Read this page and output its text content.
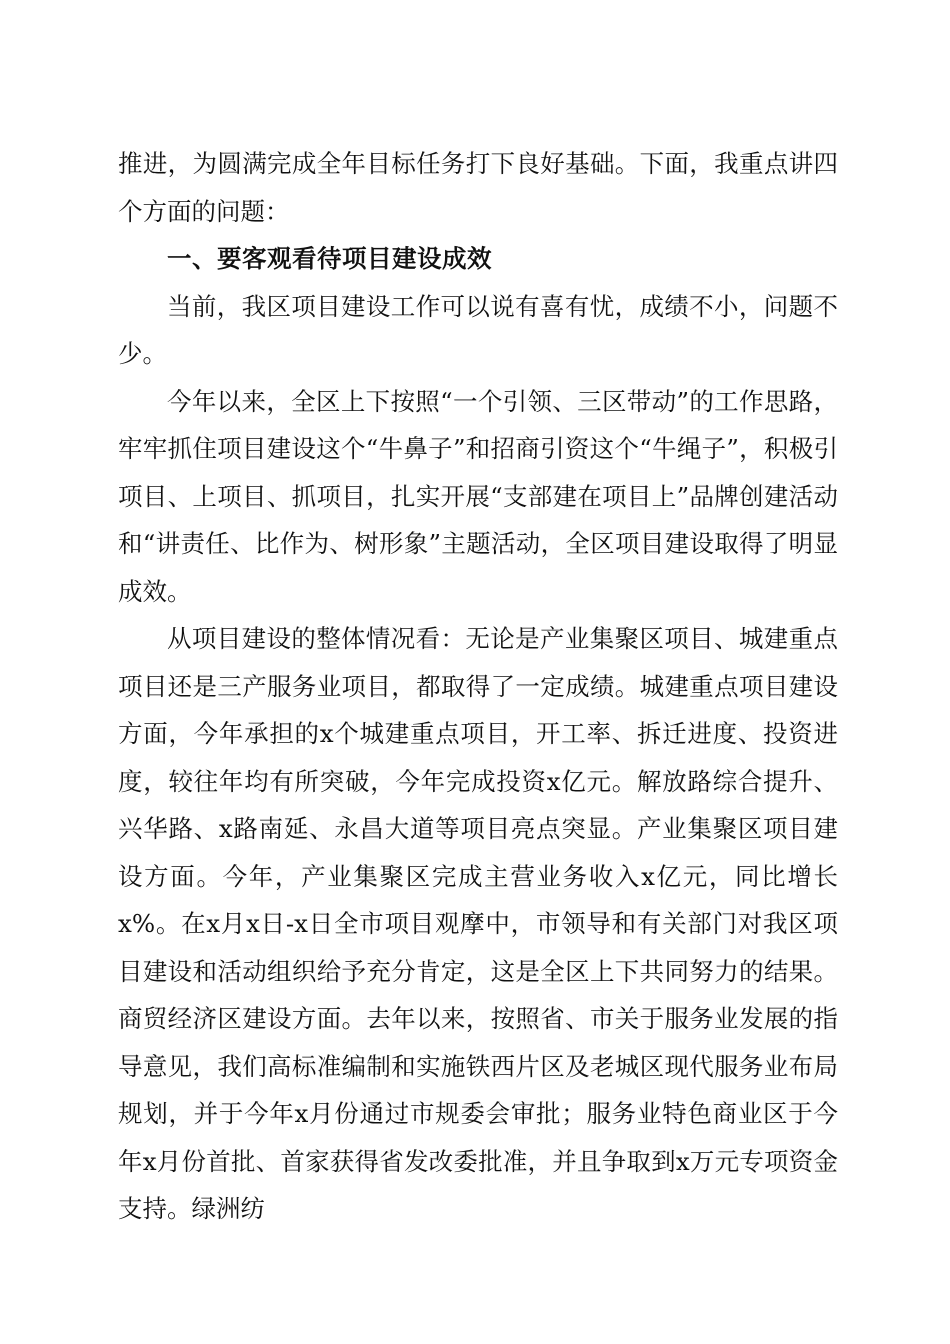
推进，为圆满完成全年目标任务打下良好基础。下面，我重点讲四个方面的问题：

一、要客观看待项目建设成效

当前，我区项目建设工作可以说有喜有忧，成绩不小，问题不少。

今年以来，全区上下按照“一个引领、三区带动”的工作思路，牢牢抓住项目建设这个“牛鼻子”和招商引资这个“牛绳子”，积极引项目、上项目、抓项目，扎实开展“支部建在项目上”品牌创建活动和“讲责任、比作为、树形象”主题活动，全区项目建设取得了明显成效。

从项目建设的整体情况看：无论是产业集聚区项目、城建重点项目还是三产服务业项目，都取得了一定成绩。城建重点项目建设方面，今年承担的x个城建重点项目，开工率、拆迁进度、投资进度，较往年均有所突破，今年完成投资x亿元。解放路综合提升、兴华路、x路南延、永昌大道等项目亮点突显。产业集聚区项目建设方面。今年，产业集聚区完成主营业务收入x亿元，同比增长x%。在x月x日-x日全市项目观摩中，市领导和有关部门对我区项目建设和活动组织给予充分肯定，这是全区上下共同努力的结果。商贸经济区建设方面。去年以来，按照省、市关于服务业发展的指导意见，我们高标准编制和实施铁西片区及老城区现代服务业布局规划，并于今年x月份通过市规委会审批；服务业特色商业区于今年x月份首批、首家获得省发改委批准，并且争取到x万元专项资金支持。绿洲纺
